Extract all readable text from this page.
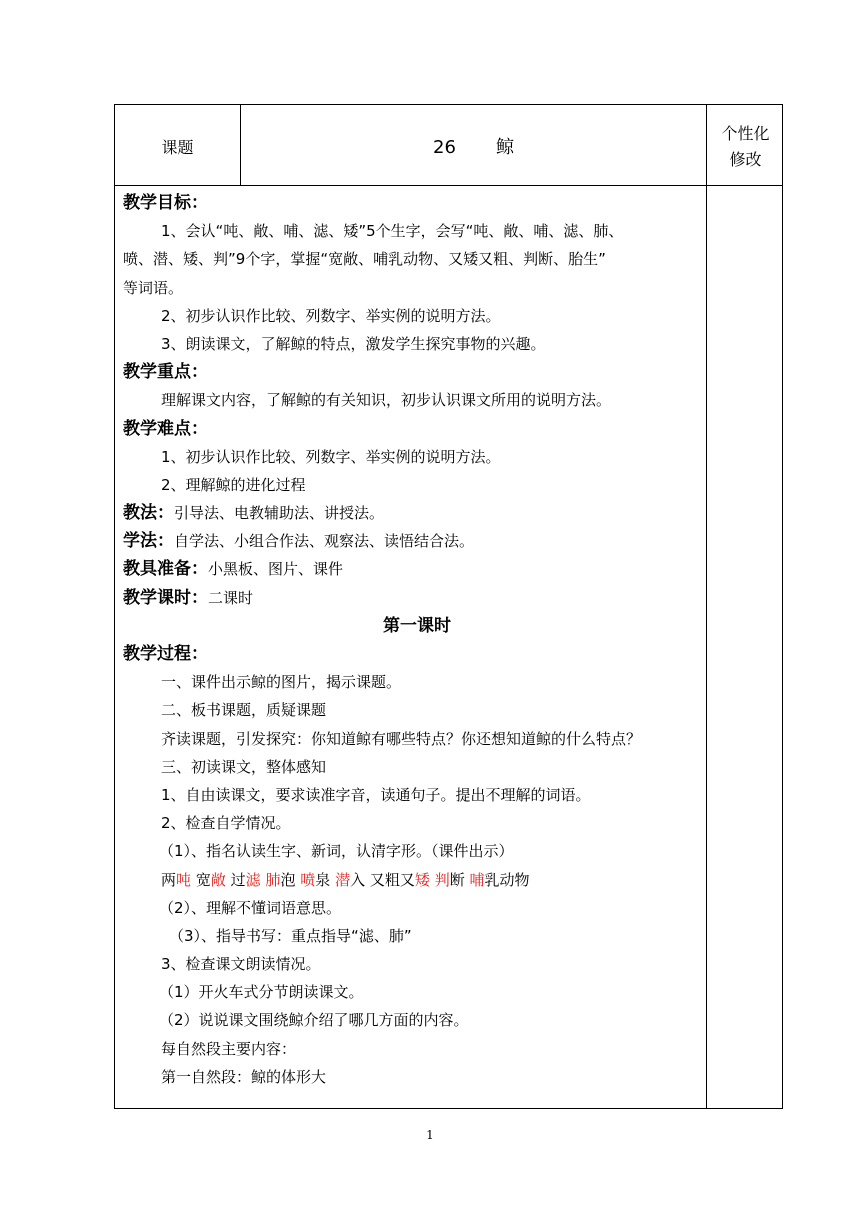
课题	26 鲸
个性化
修改
教学目标：
1、会认“吨、敞、哺、滤、矮”5个生字，会写“吨、敞、哺、滤、肺、
喷、潜、矮、判”9个字，掌握“宽敞、哺乳动物、又矮又粗、判断、胎生”
等词语。
2、初步认识作比较、列数字、举实例的说明方法。
3、朗读课文，了解鲸的特点，激发学生探究事物的兴趣。
教学重点：
理解课文内容，了解鲸的有关知识，初步认识课文所用的说明方法。
教学难点：
1、初步认识作比较、列数字、举实例的说明方法。
2、理解鲸的进化过程
教法：引导法、电教辅助法、讲授法。
学法：自学法、小组合作法、观察法、读悟结合法。
教具准备：小黑板、图片、课件
教学课时：二课时
第一课时
教学过程：
一、课件出示鲸的图片，揭示课题。
二、板书课题，质疑课题
齐读课题，引发探究：你知道鲸有哪些特点？你还想知道鲸的什么特点？
三、初读课文，整体感知
1、自由读课文，要求读准字音，读通句子。提出不理解的词语。
2、检查自学情况。
（1）、指名认读生字、新词，认清字形。（课件出示）
两吨 宽敞 过滤 肺泡 喷泉 潜入 又粗又矮 判断 哺乳动物
（2）、理解不懂词语意思。
（3）、指导书写：重点指导“滤、肺”
3、检查课文朗读情况。
（1）开火车式分节朗读课文。
（2）说说课文围绕鲸介绍了哪几方面的内容。
每自然段主要内容：
第一自然段：鲸的体形大
1
